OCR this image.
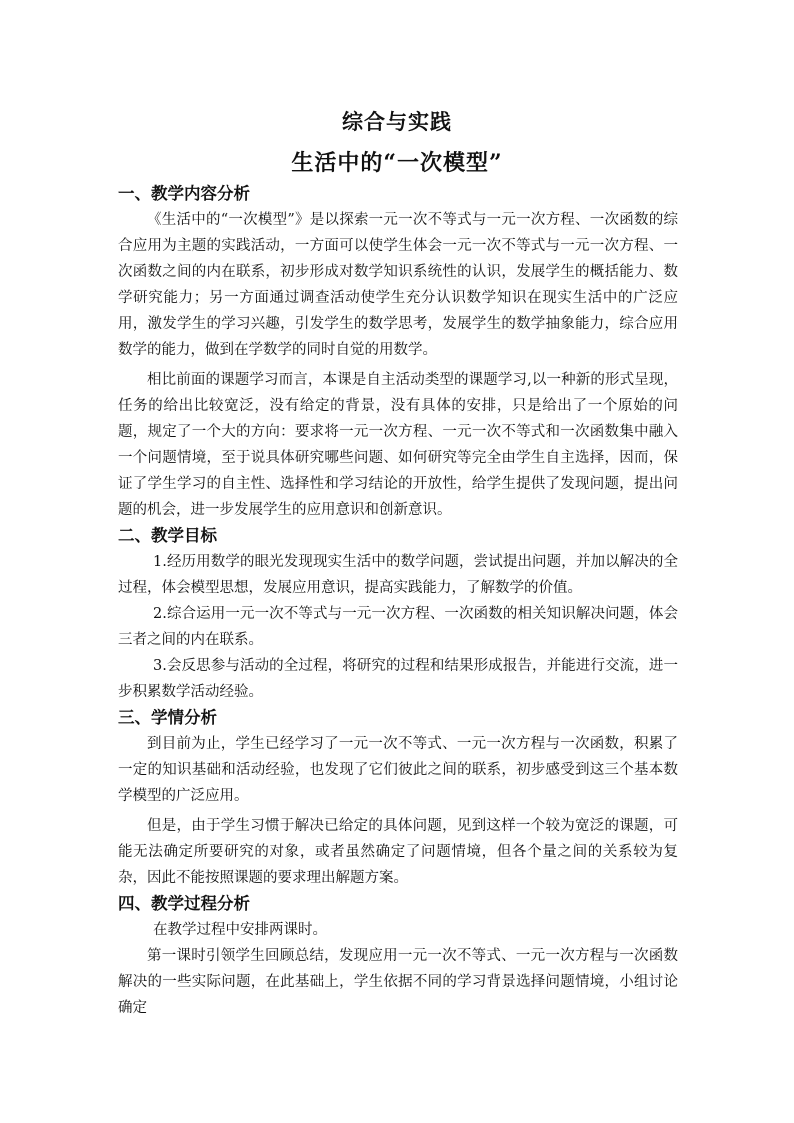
综合与实践
生活中的“一次模型”
一、教学内容分析

《生活中的“一次模型”》是以探索一元一次不等式与一元一次方程、一次函数的综合应用为主题的实践活动，一方面可以使学生体会一元一次不等式与一元一次方程、一次函数之间的内在联系，初步形成对数学知识系统性的认识，发展学生的概括能力、数学研究能力；另一方面通过调查活动使学生充分认识数学知识在现实生活中的广泛应用，激发学生的学习兴趣，引发学生的数学思考，发展学生的数学抽象能力，综合应用数学的能力，做到在学数学的同时自觉的用数学。

相比前面的课题学习而言，本课是自主活动类型的课题学习,以一种新的形式呈现，任务的给出比较宽泛，没有给定的背景，没有具体的安排，只是给出了一个原始的问题，规定了一个大的方向：要求将一元一次方程、一元一次不等式和一次函数集中融入一个问题情境，至于说具体研究哪些问题、如何研究等完全由学生自主选择，因而，保证了学生学习的自主性、选择性和学习结论的开放性，给学生提供了发现问题，提出问题的机会，进一步发展学生的应用意识和创新意识。

二、教学目标

1.经历用数学的眼光发现现实生活中的数学问题，尝试提出问题，并加以解决的全过程，体会模型思想，发展应用意识，提高实践能力，了解数学的价值。

2.综合运用一元一次不等式与一元一次方程、一次函数的相关知识解决问题，体会三者之间的内在联系。

3.会反思参与活动的全过程，将研究的过程和结果形成报告，并能进行交流，进一步积累数学活动经验。

三、学情分析

到目前为止，学生已经学习了一元一次不等式、一元一次方程与一次函数，积累了一定的知识基础和活动经验，也发现了它们彼此之间的联系，初步感受到这三个基本数学模型的广泛应用。

但是，由于学生习惯于解决已给定的具体问题，见到这样一个较为宽泛的课题，可能无法确定所要研究的对象，或者虽然确定了问题情境，但各个量之间的关系较为复杂，因此不能按照课题的要求理出解题方案。

四、教学过程分析

在教学过程中安排两课时。

第一课时引领学生回顾总结，发现应用一元一次不等式、一元一次方程与一次函数解决的一些实际问题，在此基础上，学生依据不同的学习背景选择问题情境，小组讨论确定
